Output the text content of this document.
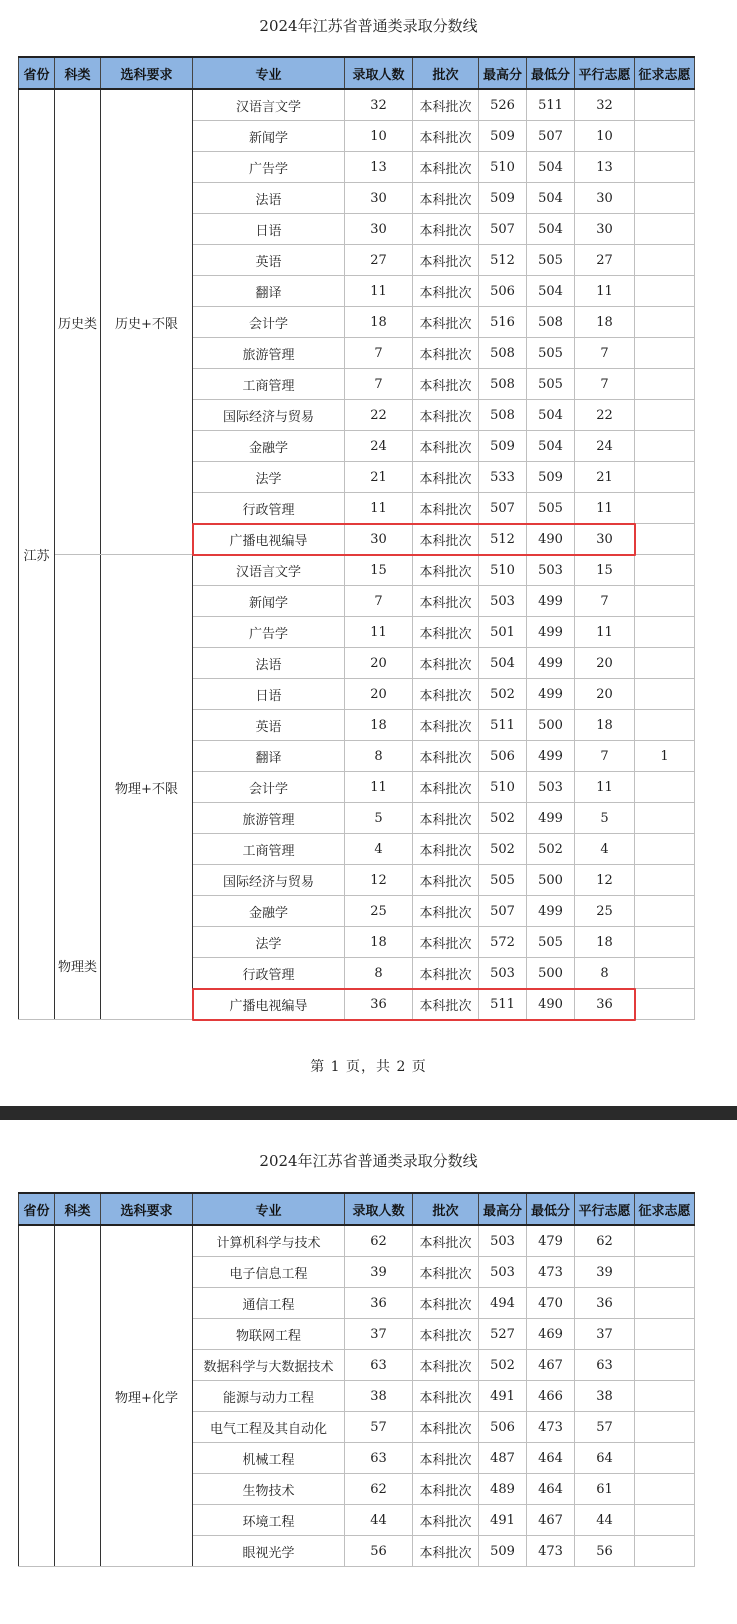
2024年江苏省普通类录取分数线
省份	科类	选科要求	专业	录取人数	批次	最高分	最低分	平行志愿	征求志愿
江苏	历史类	历史+不限	汉语言文学	32	本科批次	526	511	32	
			新闻学	10	本科批次	509	507	10	
			广告学	13	本科批次	510	504	13	
			法语	30	本科批次	509	504	30	
			日语	30	本科批次	507	504	30	
			英语	27	本科批次	512	505	27	
			翻译	11	本科批次	506	504	11	
			会计学	18	本科批次	516	508	18	
			旅游管理	7	本科批次	508	505	7	
			工商管理	7	本科批次	508	505	7	
			国际经济与贸易	22	本科批次	508	504	22	
			金融学	24	本科批次	509	504	24	
			法学	21	本科批次	533	509	21	
			行政管理	11	本科批次	507	505	11	
			广播电视编导	30	本科批次	512	490	30	
	物理类	物理+不限	汉语言文学	15	本科批次	510	503	15	
			新闻学	7	本科批次	503	499	7	
			广告学	11	本科批次	501	499	11	
			法语	20	本科批次	504	499	20	
			日语	20	本科批次	502	499	20	
			英语	18	本科批次	511	500	18	
			翻译	8	本科批次	506	499	7	1
			会计学	11	本科批次	510	503	11	
			旅游管理	5	本科批次	502	499	5	
			工商管理	4	本科批次	502	502	4	
			国际经济与贸易	12	本科批次	505	500	12	
			金融学	25	本科批次	507	499	25	
			法学	18	本科批次	572	505	18	
			行政管理	8	本科批次	503	500	8	
			广播电视编导	36	本科批次	511	490	36	
第 1 页，共 2 页
2024年江苏省普通类录取分数线
省份	科类	选科要求	专业	录取人数	批次	最高分	最低分	平行志愿	征求志愿
		物理+化学	计算机科学与技术	62	本科批次	503	479	62	
			电子信息工程	39	本科批次	503	473	39	
			通信工程	36	本科批次	494	470	36	
			物联网工程	37	本科批次	527	469	37	
			数据科学与大数据技术	63	本科批次	502	467	63	
			能源与动力工程	38	本科批次	491	466	38	
			电气工程及其自动化	57	本科批次	506	473	57	
			机械工程	63	本科批次	487	464	64	
			生物技术	62	本科批次	489	464	61	
			环境工程	44	本科批次	491	467	44	
			眼视光学	56	本科批次	509	473	56	
